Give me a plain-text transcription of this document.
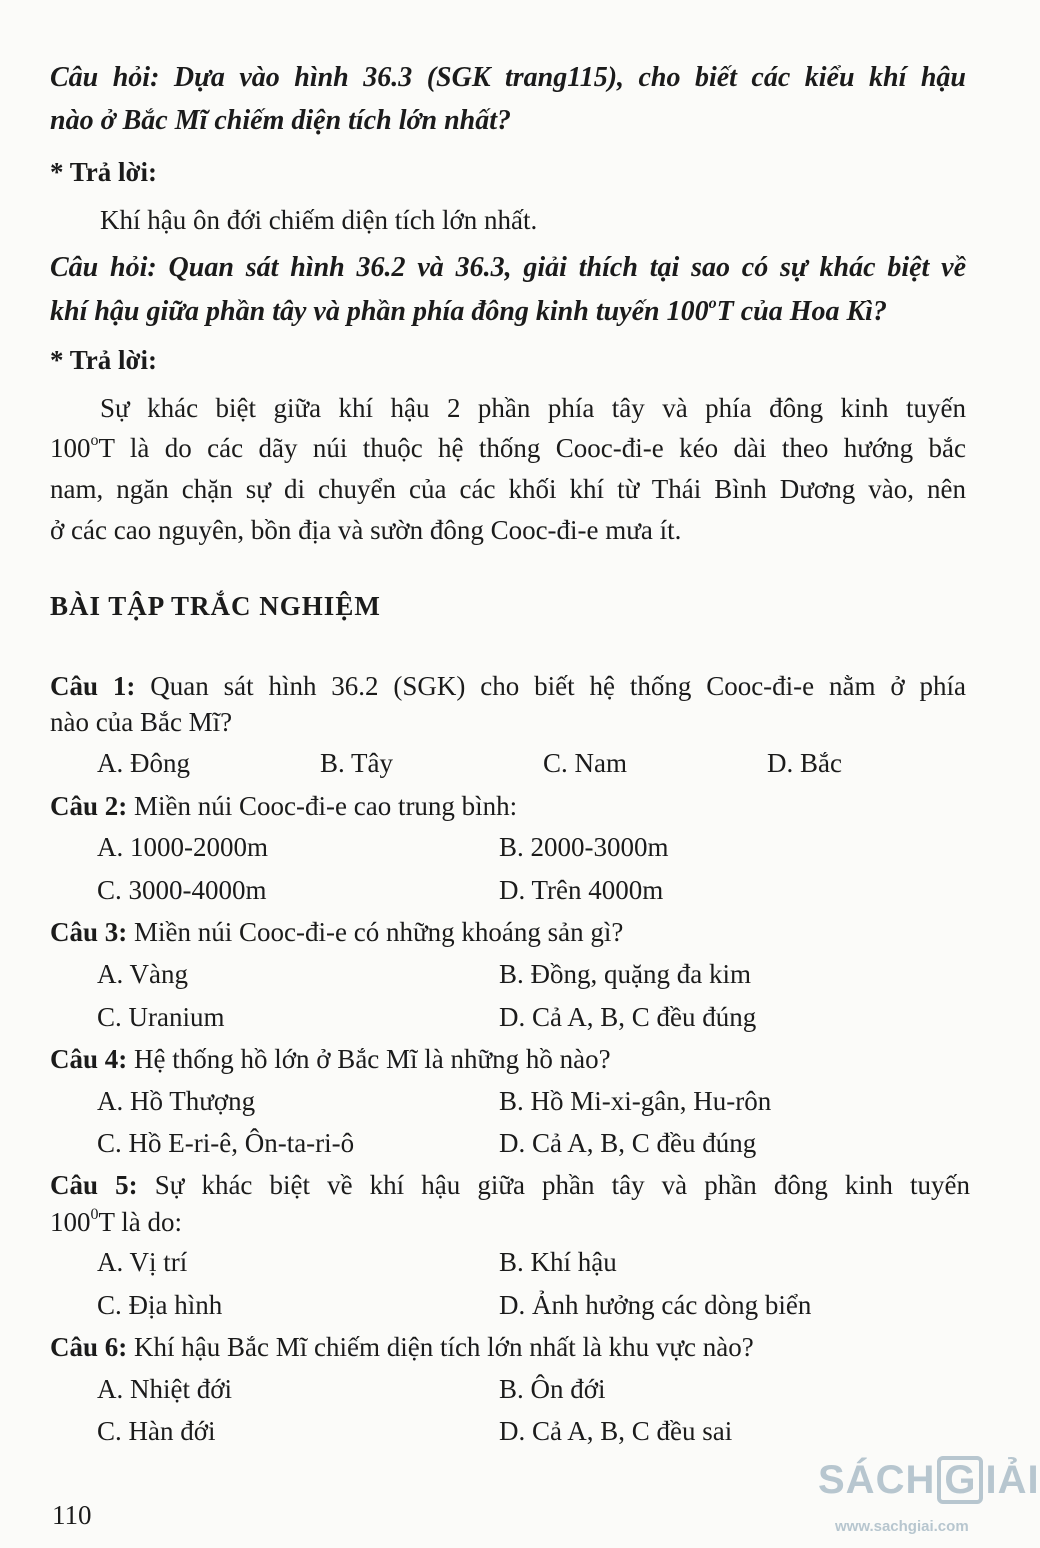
Câu hỏi: Dựa vào hình 36.3 (SGK trang115), cho biết các kiểu khí hậu
nào ở Bắc Mĩ chiếm diện tích lớn nhất?
* Trả lời:
Khí hậu ôn đới chiếm diện tích lớn nhất.
Câu hỏi: Quan sát hình 36.2 và 36.3, giải thích tại sao có sự khác biệt về
khí hậu giữa phần tây và phần phía đông kinh tuyến 100$^o$T của Hoa Kì?
* Trả lời:
Sự khác biệt giữa khí hậu 2 phần phía tây và phía đông kinh tuyến
100$^o$T là do các dãy núi thuộc hệ thống Cooc-đi-e kéo dài theo hướng bắc
nam, ngăn chặn sự di chuyển của các khối khí từ Thái Bình Dương vào, nên
ở các cao nguyên, bồn địa và sườn đông Cooc-đi-e mưa ít.
BÀI TẬP TRẮC NGHIỆM
Câu 1: Quan sát hình 36.2 (SGK) cho biết hệ thống Cooc-đi-e nằm ở phía
nào của Bắc Mĩ?
A. Đông	B. Tây	C. Nam	D. Bắc
Câu 2: Miền núi Cooc-đi-e cao trung bình:
A. 1000-2000m	B. 2000-3000m
C. 3000-4000m	D. Trên 4000m
Câu 3: Miền núi Cooc-đi-e có những khoáng sản gì?
A. Vàng	B. Đồng, quặng đa kim
C. Uranium	D. Cả A, B, C đều đúng
Câu 4: Hệ thống hồ lớn ở Bắc Mĩ là những hồ nào?
A. Hồ Thượng	B. Hồ Mi-xi-gân, Hu-rôn
C. Hồ E-ri-ê, Ôn-ta-ri-ô	D. Cả A, B, C đều đúng
Câu 5: Sự khác biệt về khí hậu giữa phần tây và phần đông kinh tuyến
$100^0T$ là do:
A. Vị trí	B. Khí hậu
C. Địa hình	D. Ảnh hưởng các dòng biển
Câu 6: Khí hậu Bắc Mĩ chiếm diện tích lớn nhất là khu vực nào?
A. Nhiệt đới	B. Ôn đới
C. Hàn đới	D. Cả A, B, C đều sai
110
SÁCH G IẢI
www.sachgiai.com
